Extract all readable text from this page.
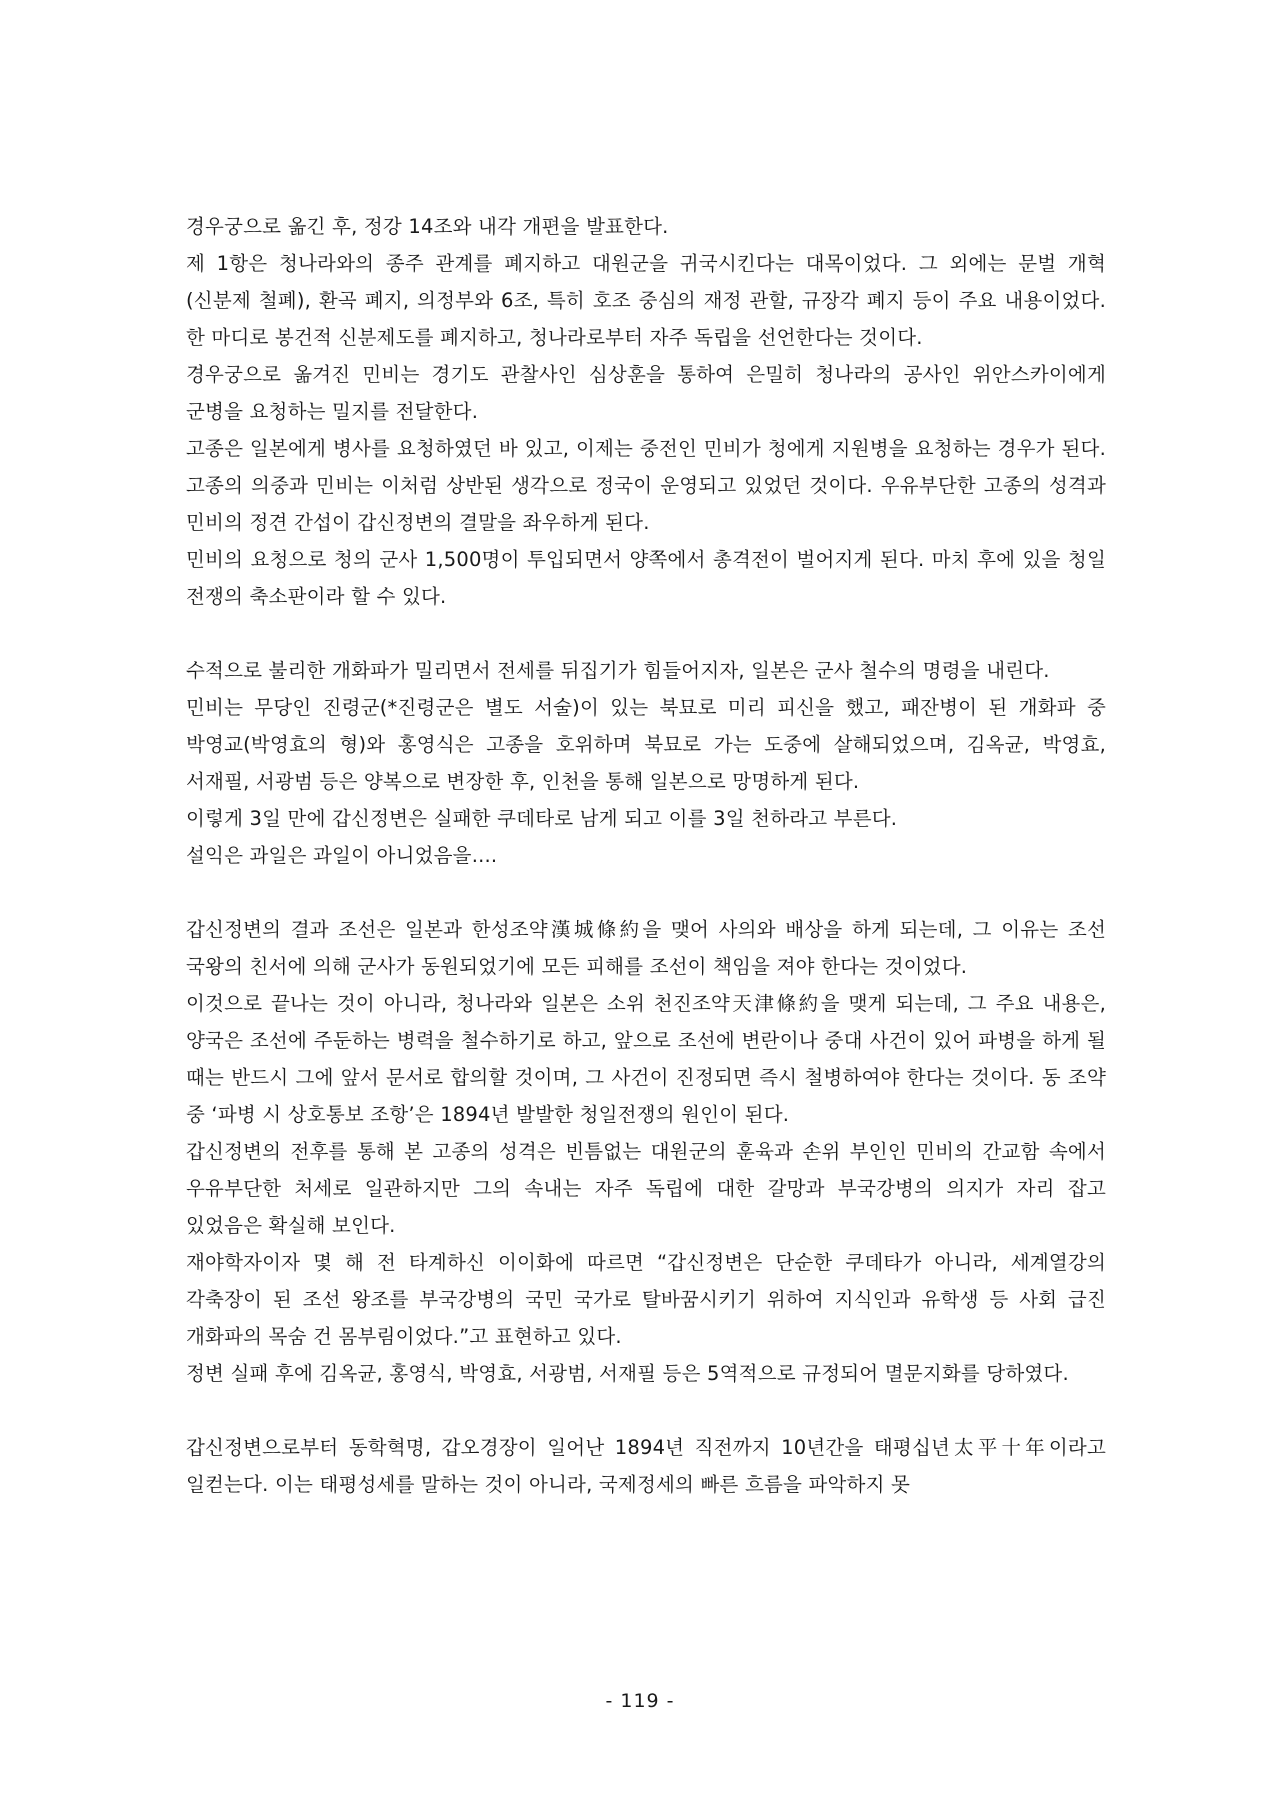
경우궁으로 옮긴 후, 정강 14조와 내각 개편을 발표한다.

제 1항은 청나라와의 종주 관계를 폐지하고 대원군을 귀국시킨다는 대목이었다. 그 외에는 문벌 개혁(신분제 철폐), 환곡 폐지, 의정부와 6조, 특히 호조 중심의 재정 관할, 규장각 폐지 등이 주요 내용이었다. 한 마디로 봉건적 신분제도를 폐지하고, 청나라로부터 자주 독립을 선언한다는 것이다.

경우궁으로 옮겨진 민비는 경기도 관찰사인 심상훈을 통하여 은밀히 청나라의 공사인 위안스카이에게 군병을 요청하는 밀지를 전달한다.

고종은 일본에게 병사를 요청하였던 바 있고, 이제는 중전인 민비가 청에게 지원병을 요청하는 경우가 된다. 고종의 의중과 민비는 이처럼 상반된 생각으로 정국이 운영되고 있었던 것이다. 우유부단한 고종의 성격과 민비의 정견 간섭이 갑신정변의 결말을 좌우하게 된다.

민비의 요청으로 청의 군사 1,500명이 투입되면서 양쪽에서 총격전이 벌어지게 된다. 마치 후에 있을 청일 전쟁의 축소판이라 할 수 있다.

수적으로 불리한 개화파가 밀리면서 전세를 뒤집기가 힘들어지자, 일본은 군사 철수의 명령을 내린다.

민비는 무당인 진령군(*진령군은 별도 서술)이 있는 북묘로 미리 피신을 했고, 패잔병이 된 개화파 중 박영교(박영효의 형)와 홍영식은 고종을 호위하며 북묘로 가는 도중에 살해되었으며, 김옥균, 박영효, 서재필, 서광범 등은 양복으로 변장한 후, 인천을 통해 일본으로 망명하게 된다.

이렇게 3일 만에 갑신정변은 실패한 쿠데타로 남게 되고 이를 3일 천하라고 부른다.

설익은 과일은 과일이 아니었음을....

갑신정변의 결과 조선은 일본과 한성조약漢城條約을 맺어 사의와 배상을 하게 되는데, 그 이유는 조선 국왕의 친서에 의해 군사가 동원되었기에 모든 피해를 조선이 책임을 져야 한다는 것이었다.

이것으로 끝나는 것이 아니라, 청나라와 일본은 소위 천진조약天津條約을 맺게 되는데, 그 주요 내용은, 양국은 조선에 주둔하는 병력을 철수하기로 하고, 앞으로 조선에 변란이나 중대 사건이 있어 파병을 하게 될 때는 반드시 그에 앞서 문서로 합의할 것이며, 그 사건이 진정되면 즉시 철병하여야 한다는 것이다. 동 조약 중 ‘파병 시 상호통보 조항’은 1894년 발발한 청일전쟁의 원인이 된다.

갑신정변의 전후를 통해 본 고종의 성격은 빈틈없는 대원군의 훈육과 손위 부인인 민비의 간교함 속에서 우유부단한 처세로 일관하지만 그의 속내는 자주 독립에 대한 갈망과 부국강병의 의지가 자리 잡고 있었음은 확실해 보인다.

재야학자이자 몇 해 전 타계하신 이이화에 따르면 “갑신정변은 단순한 쿠데타가 아니라, 세계열강의 각축장이 된 조선 왕조를 부국강병의 국민 국가로 탈바꿈시키기 위하여 지식인과 유학생 등 사회 급진 개화파의 목숨 건 몸부림이었다.”고 표현하고 있다.

정변 실패 후에 김옥균, 홍영식, 박영효, 서광범, 서재필 등은 5역적으로 규정되어 멸문지화를 당하였다.

갑신정변으로부터 동학혁명, 갑오경장이 일어난 1894년 직전까지 10년간을 태평십년太平十年이라고 일컫는다. 이는 태평성세를 말하는 것이 아니라, 국제정세의 빠른 흐름을 파악하지 못

- 119 -
